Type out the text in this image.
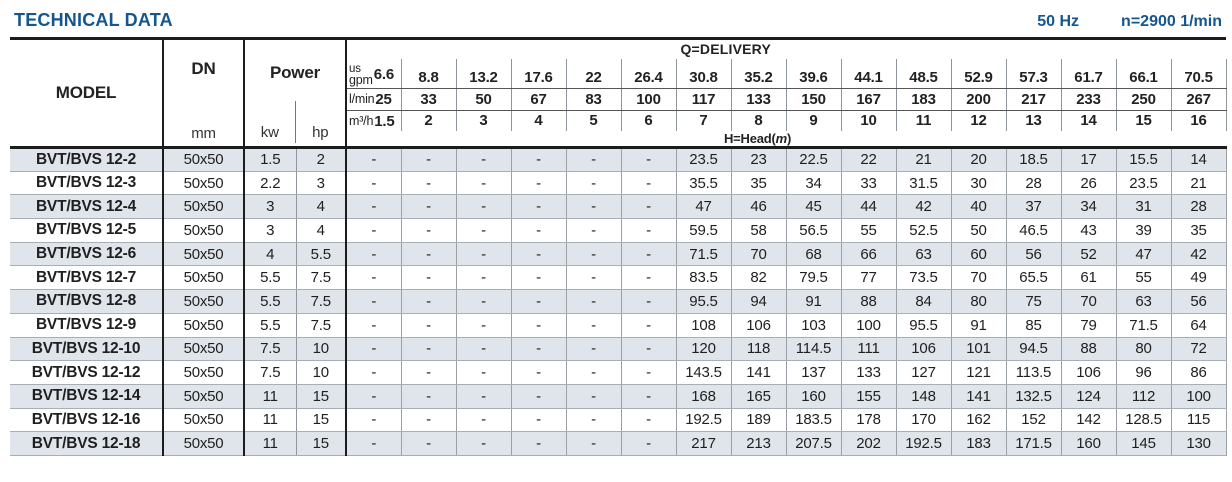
TECHNICAL DATA	50 Hz	n=2900 1/min
MODEL	
DN
mm

Power
kw	hp
	Q=DELIVERY

				us
gpm 6.6	8.8	13.2	17.6	22	26.4	30.8	35.2	39.6	44.1	48.5	52.9	57.3	61.7	66.1	70.5

				l/min 25	33	50	67	83	100	117	133	150	167	183	200	217	233	250	267

				m³/h 1.5	2	3	4	5	6	7	8	9	10	11	12	13	14	15	16
				H=Head(m)															
BVT/BVS 12-2	50x50	1.5	2	-	-	-	-	-	-	23.5	23	22.5	22	21	20	18.5	17	15.5	14
BVT/BVS 12-3	50x50	2.2	3	-	-	-	-	-	-	35.5	35	34	33	31.5	30	28	26	23.5	21
BVT/BVS 12-4	50x50	3	4	-	-	-	-	-	-	47	46	45	44	42	40	37	34	31	28
BVT/BVS 12-5	50x50	3	4	-	-	-	-	-	-	59.5	58	56.5	55	52.5	50	46.5	43	39	35
BVT/BVS 12-6	50x50	4	5.5	-	-	-	-	-	-	71.5	70	68	66	63	60	56	52	47	42
BVT/BVS 12-7	50x50	5.5	7.5	-	-	-	-	-	-	83.5	82	79.5	77	73.5	70	65.5	61	55	49
BVT/BVS 12-8	50x50	5.5	7.5	-	-	-	-	-	-	95.5	94	91	88	84	80	75	70	63	56
BVT/BVS 12-9	50x50	5.5	7.5	-	-	-	-	-	-	108	106	103	100	95.5	91	85	79	71.5	64
BVT/BVS 12-10	50x50	7.5	10	-	-	-	-	-	-	120	118	114.5	111	106	101	94.5	88	80	72
BVT/BVS 12-12	50x50	7.5	10	-	-	-	-	-	-	143.5	141	137	133	127	121	113.5	106	96	86
BVT/BVS 12-14	50x50	11	15	-	-	-	-	-	-	168	165	160	155	148	141	132.5	124	112	100
BVT/BVS 12-16	50x50	11	15	-	-	-	-	-	-	192.5	189	183.5	178	170	162	152	142	128.5	115
BVT/BVS 12-18	50x50	11	15	-	-	-	-	-	-	217	213	207.5	202	192.5	183	171.5	160	145	130
